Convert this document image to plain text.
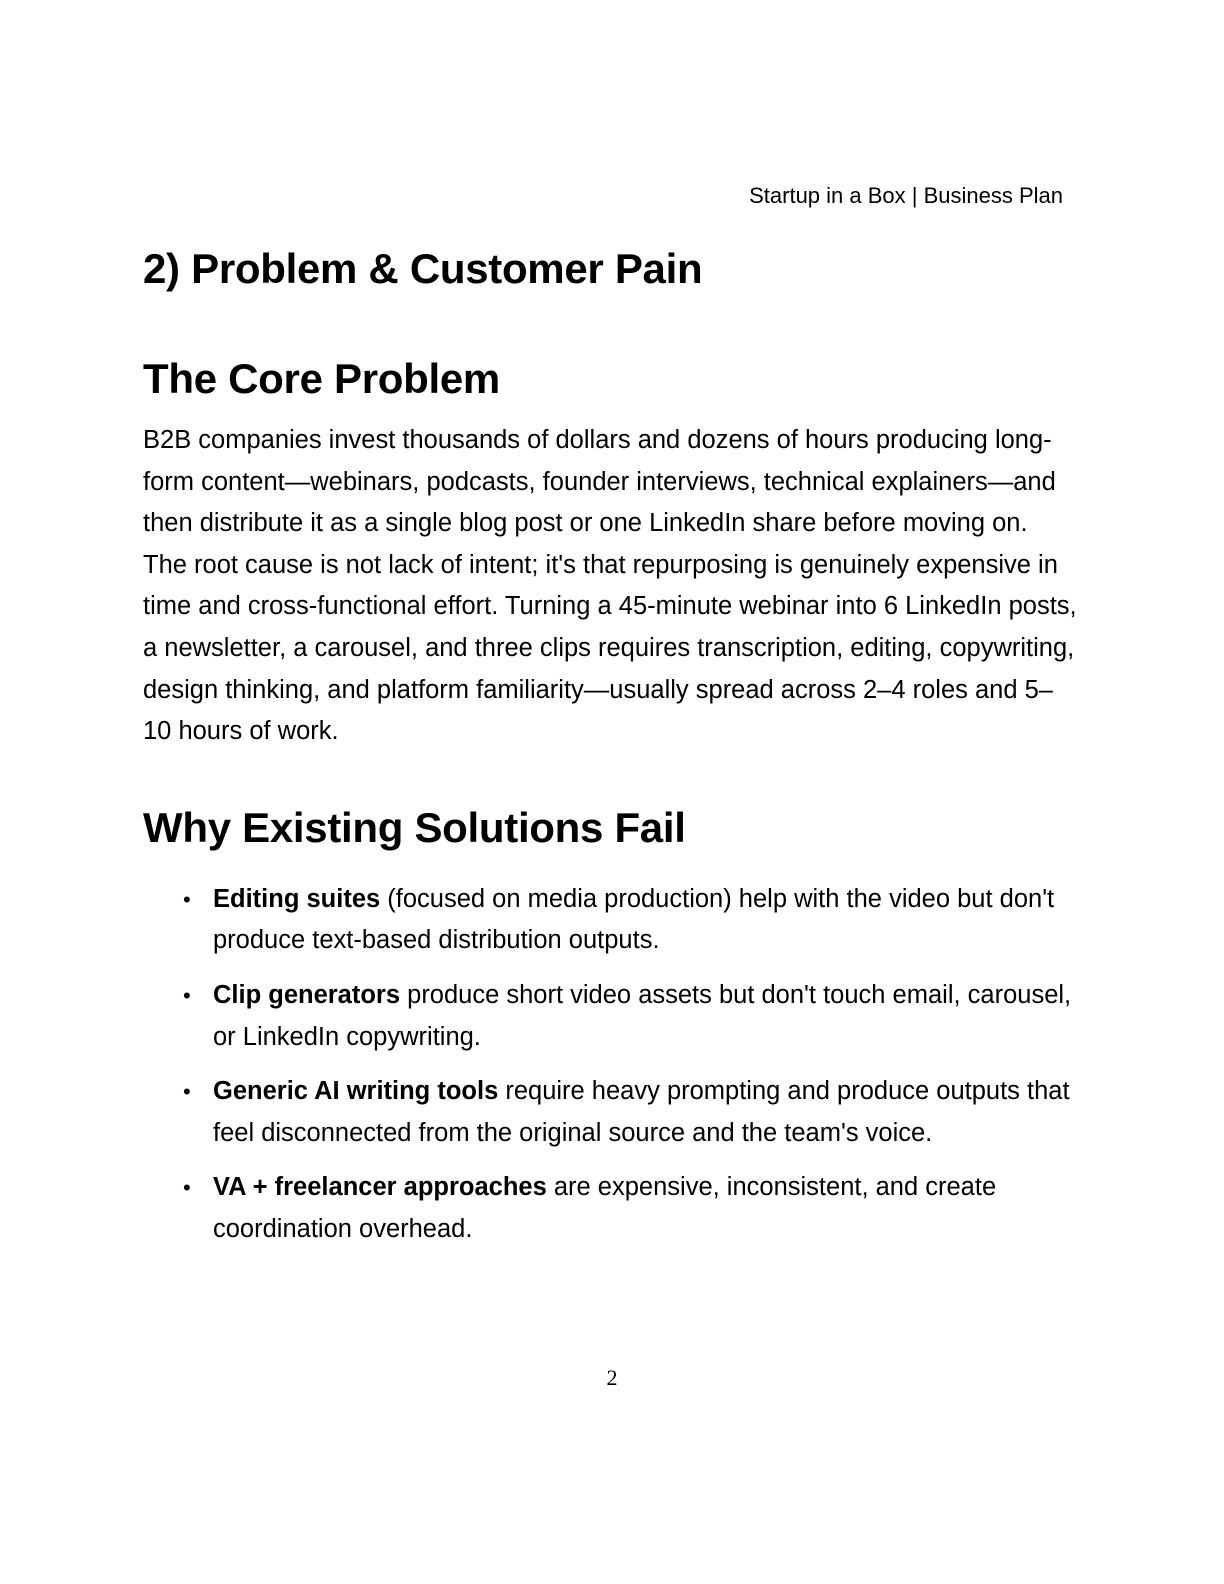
Startup in a Box | Business Plan
2) Problem & Customer Pain
The Core Problem

B2B companies invest thousands of dollars and dozens of hours producing long-form content—webinars, podcasts, founder interviews, technical explainers—and then distribute it as a single blog post or one LinkedIn share before moving on. The root cause is not lack of intent; it's that repurposing is genuinely expensive in time and cross-functional effort. Turning a 45-minute webinar into 6 LinkedIn posts, a newsletter, a carousel, and three clips requires transcription, editing, copywriting, design thinking, and platform familiarity—usually spread across 2–4 roles and 5–10 hours of work.

Why Existing Solutions Fail
• Editing suites (focused on media production) help with the video but don't produce text-based distribution outputs.
• Clip generators produce short video assets but don't touch email, carousel, or LinkedIn copywriting.
• Generic AI writing tools require heavy prompting and produce outputs that feel disconnected from the original source and the team's voice.
• VA + freelancer approaches are expensive, inconsistent, and create coordination overhead.
2
